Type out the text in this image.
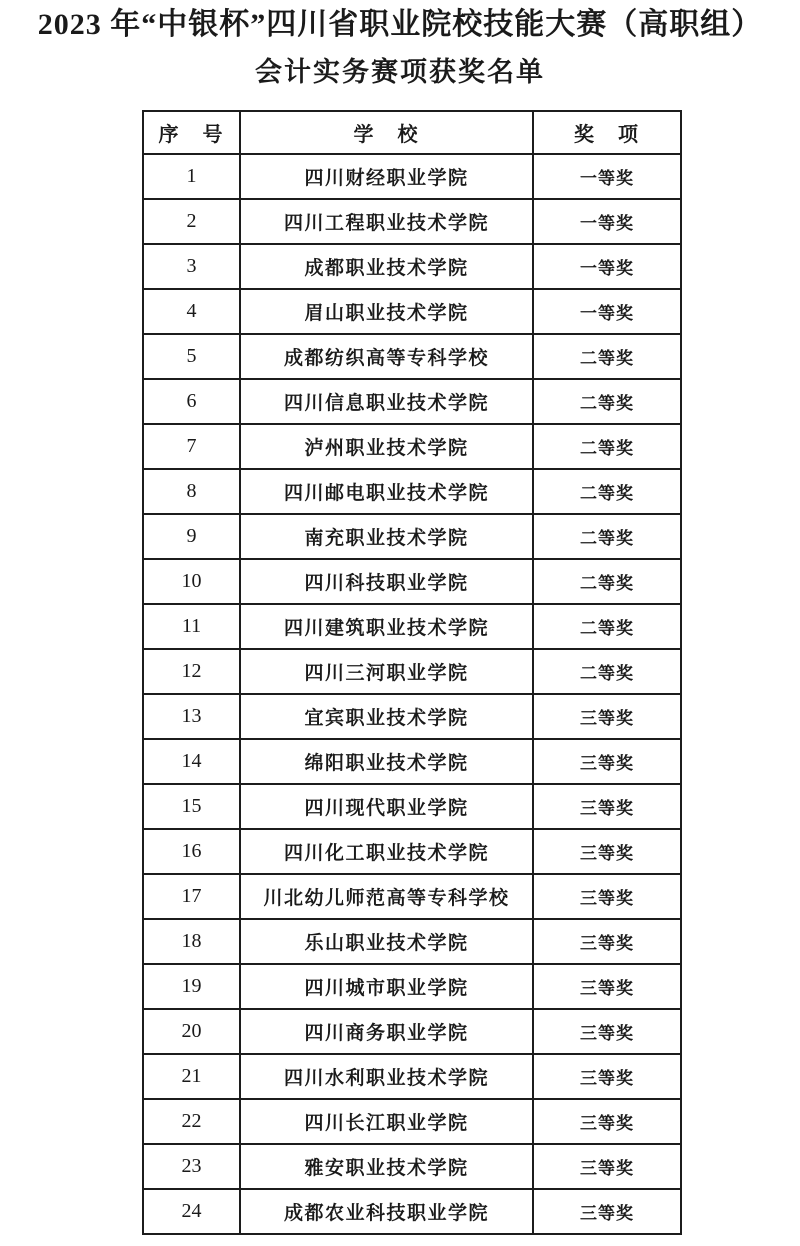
2023 年“中银杯”四川省职业院校技能大赛（高职组）
会计实务赛项获奖名单
序　号	学　校	奖　项
1	四川财经职业学院	一等奖
2	四川工程职业技术学院	一等奖
3	成都职业技术学院	一等奖
4	眉山职业技术学院	一等奖
5	成都纺织高等专科学校	二等奖
6	四川信息职业技术学院	二等奖
7	泸州职业技术学院	二等奖
8	四川邮电职业技术学院	二等奖
9	南充职业技术学院	二等奖
10	四川科技职业学院	二等奖
11	四川建筑职业技术学院	二等奖
12	四川三河职业学院	二等奖
13	宜宾职业技术学院	三等奖
14	绵阳职业技术学院	三等奖
15	四川现代职业学院	三等奖
16	四川化工职业技术学院	三等奖
17	川北幼儿师范高等专科学校	三等奖
18	乐山职业技术学院	三等奖
19	四川城市职业学院	三等奖
20	四川商务职业学院	三等奖
21	四川水利职业技术学院	三等奖
22	四川长江职业学院	三等奖
23	雅安职业技术学院	三等奖
24	成都农业科技职业学院	三等奖
